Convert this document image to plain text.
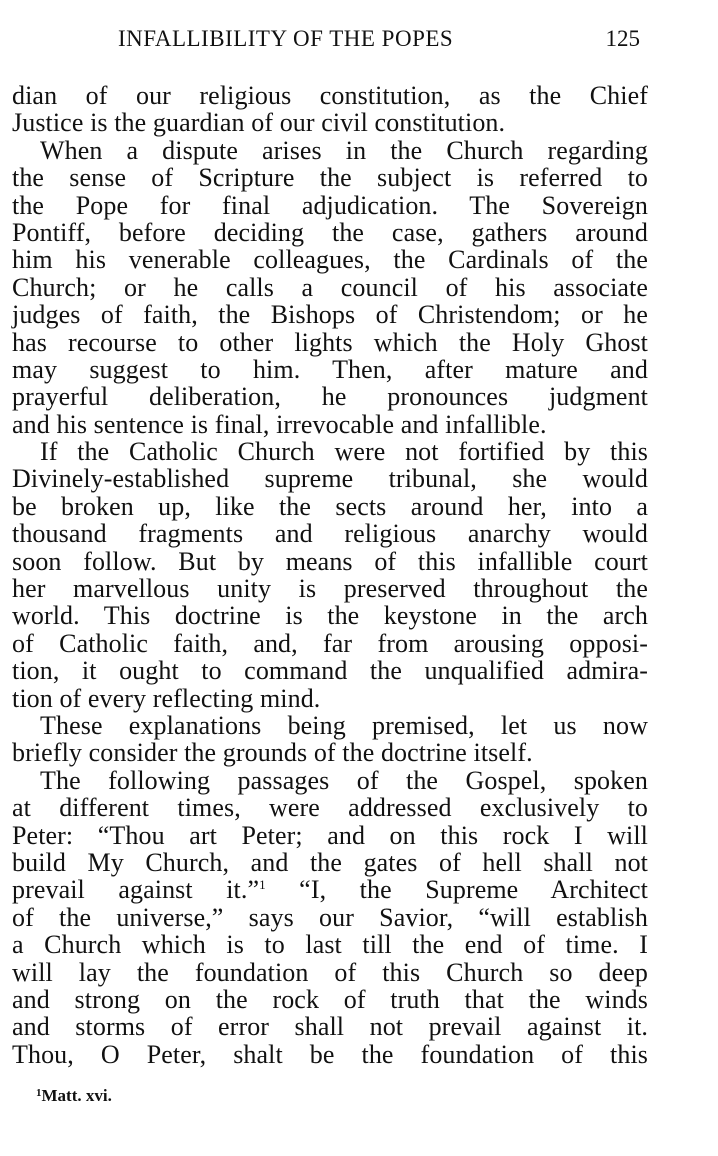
INFALLIBILITY OF THE POPES	125
dian of our religious constitution, as the Chief
Justice is the guardian of our civil constitution.
When a dispute arises in the Church regarding
the sense of Scripture the subject is referred to
the Pope for final adjudication. The Sovereign
Pontiff, before deciding the case, gathers around
him his venerable colleagues, the Cardinals of the
Church; or he calls a council of his associate
judges of faith, the Bishops of Christendom; or he
has recourse to other lights which the Holy Ghost
may suggest to him. Then, after mature and
prayerful deliberation, he pronounces judgment
and his sentence is final, irrevocable and infallible.
If the Catholic Church were not fortified by this
Divinely-established supreme tribunal, she would
be broken up, like the sects around her, into a
thousand fragments and religious anarchy would
soon follow. But by means of this infallible court
her marvellous unity is preserved throughout the
world. This doctrine is the keystone in the arch
of Catholic faith, and, far from arousing opposi-
tion, it ought to command the unqualified admira-
tion of every reflecting mind.
These explanations being premised, let us now
briefly consider the grounds of the doctrine itself.
The following passages of the Gospel, spoken
at different times, were addressed exclusively to
Peter: “Thou art Peter; and on this rock I will
build My Church, and the gates of hell shall not
prevail against it.”$^1$ “I, the Supreme Architect
of the universe,” says our Savior, “will establish
a Church which is to last till the end of time. I
will lay the foundation of this Church so deep
and strong on the rock of truth that the winds
and storms of error shall not prevail against it.
Thou, O Peter, shalt be the foundation of this
$^1$Matt. xvi.
